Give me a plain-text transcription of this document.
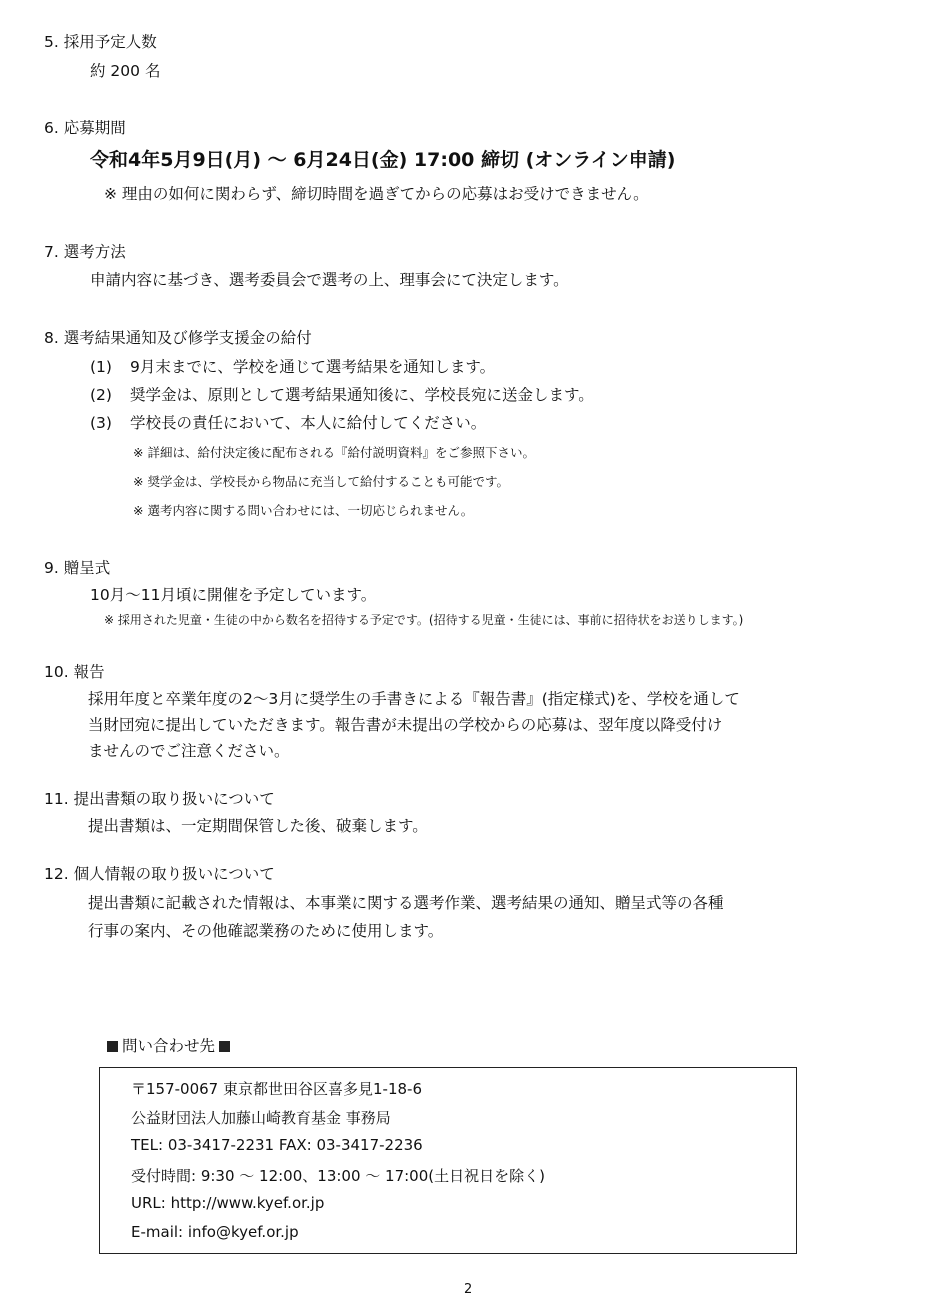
5. 採用予定人数
約 200 名
6. 応募期間
令和4年5月9日(月) ～ 6月24日(金) 17:00 締切 (オンライン申請)
※ 理由の如何に関わらず、締切時間を過ぎてからの応募はお受けできません。
7. 選考方法
申請内容に基づき、選考委員会で選考の上、理事会にて決定します。
8. 選考結果通知及び修学支援金の給付
(1) 9月末までに、学校を通じて選考結果を通知します。
(2) 奨学金は、原則として選考結果通知後に、学校長宛に送金します。
(3) 学校長の責任において、本人に給付してください。
※ 詳細は、給付決定後に配布される『給付説明資料』をご参照下さい。
※ 奨学金は、学校長から物品に充当して給付することも可能です。
※ 選考内容に関する問い合わせには、一切応じられません。
9. 贈呈式
10月～11月頃に開催を予定しています。
※ 採用された児童・生徒の中から数名を招待する予定です。(招待する児童・生徒には、事前に招待状をお送りします。)
10. 報告
採用年度と卒業年度の2～3月に奨学生の手書きによる『報告書』(指定様式)を、学校を通して
当財団宛に提出していただきます。報告書が未提出の学校からの応募は、翌年度以降受付け
ませんのでご注意ください。
11. 提出書類の取り扱いについて
提出書類は、一定期間保管した後、破棄します。
12. 個人情報の取り扱いについて
提出書類に記載された情報は、本事業に関する選考作業、選考結果の通知、贈呈式等の各種
行事の案内、その他確認業務のために使用します。
問い合わせ先
〒157-0067 東京都世田谷区喜多見1-18-6
公益財団法人加藤山崎教育基金 事務局
TEL: 03-3417-2231 FAX: 03-3417-2236
受付時間: 9:30 ～ 12:00、13:00 ～ 17:00(土日祝日を除く)
URL: http://www.kyef.or.jp
E-mail: info@kyef.or.jp
2
